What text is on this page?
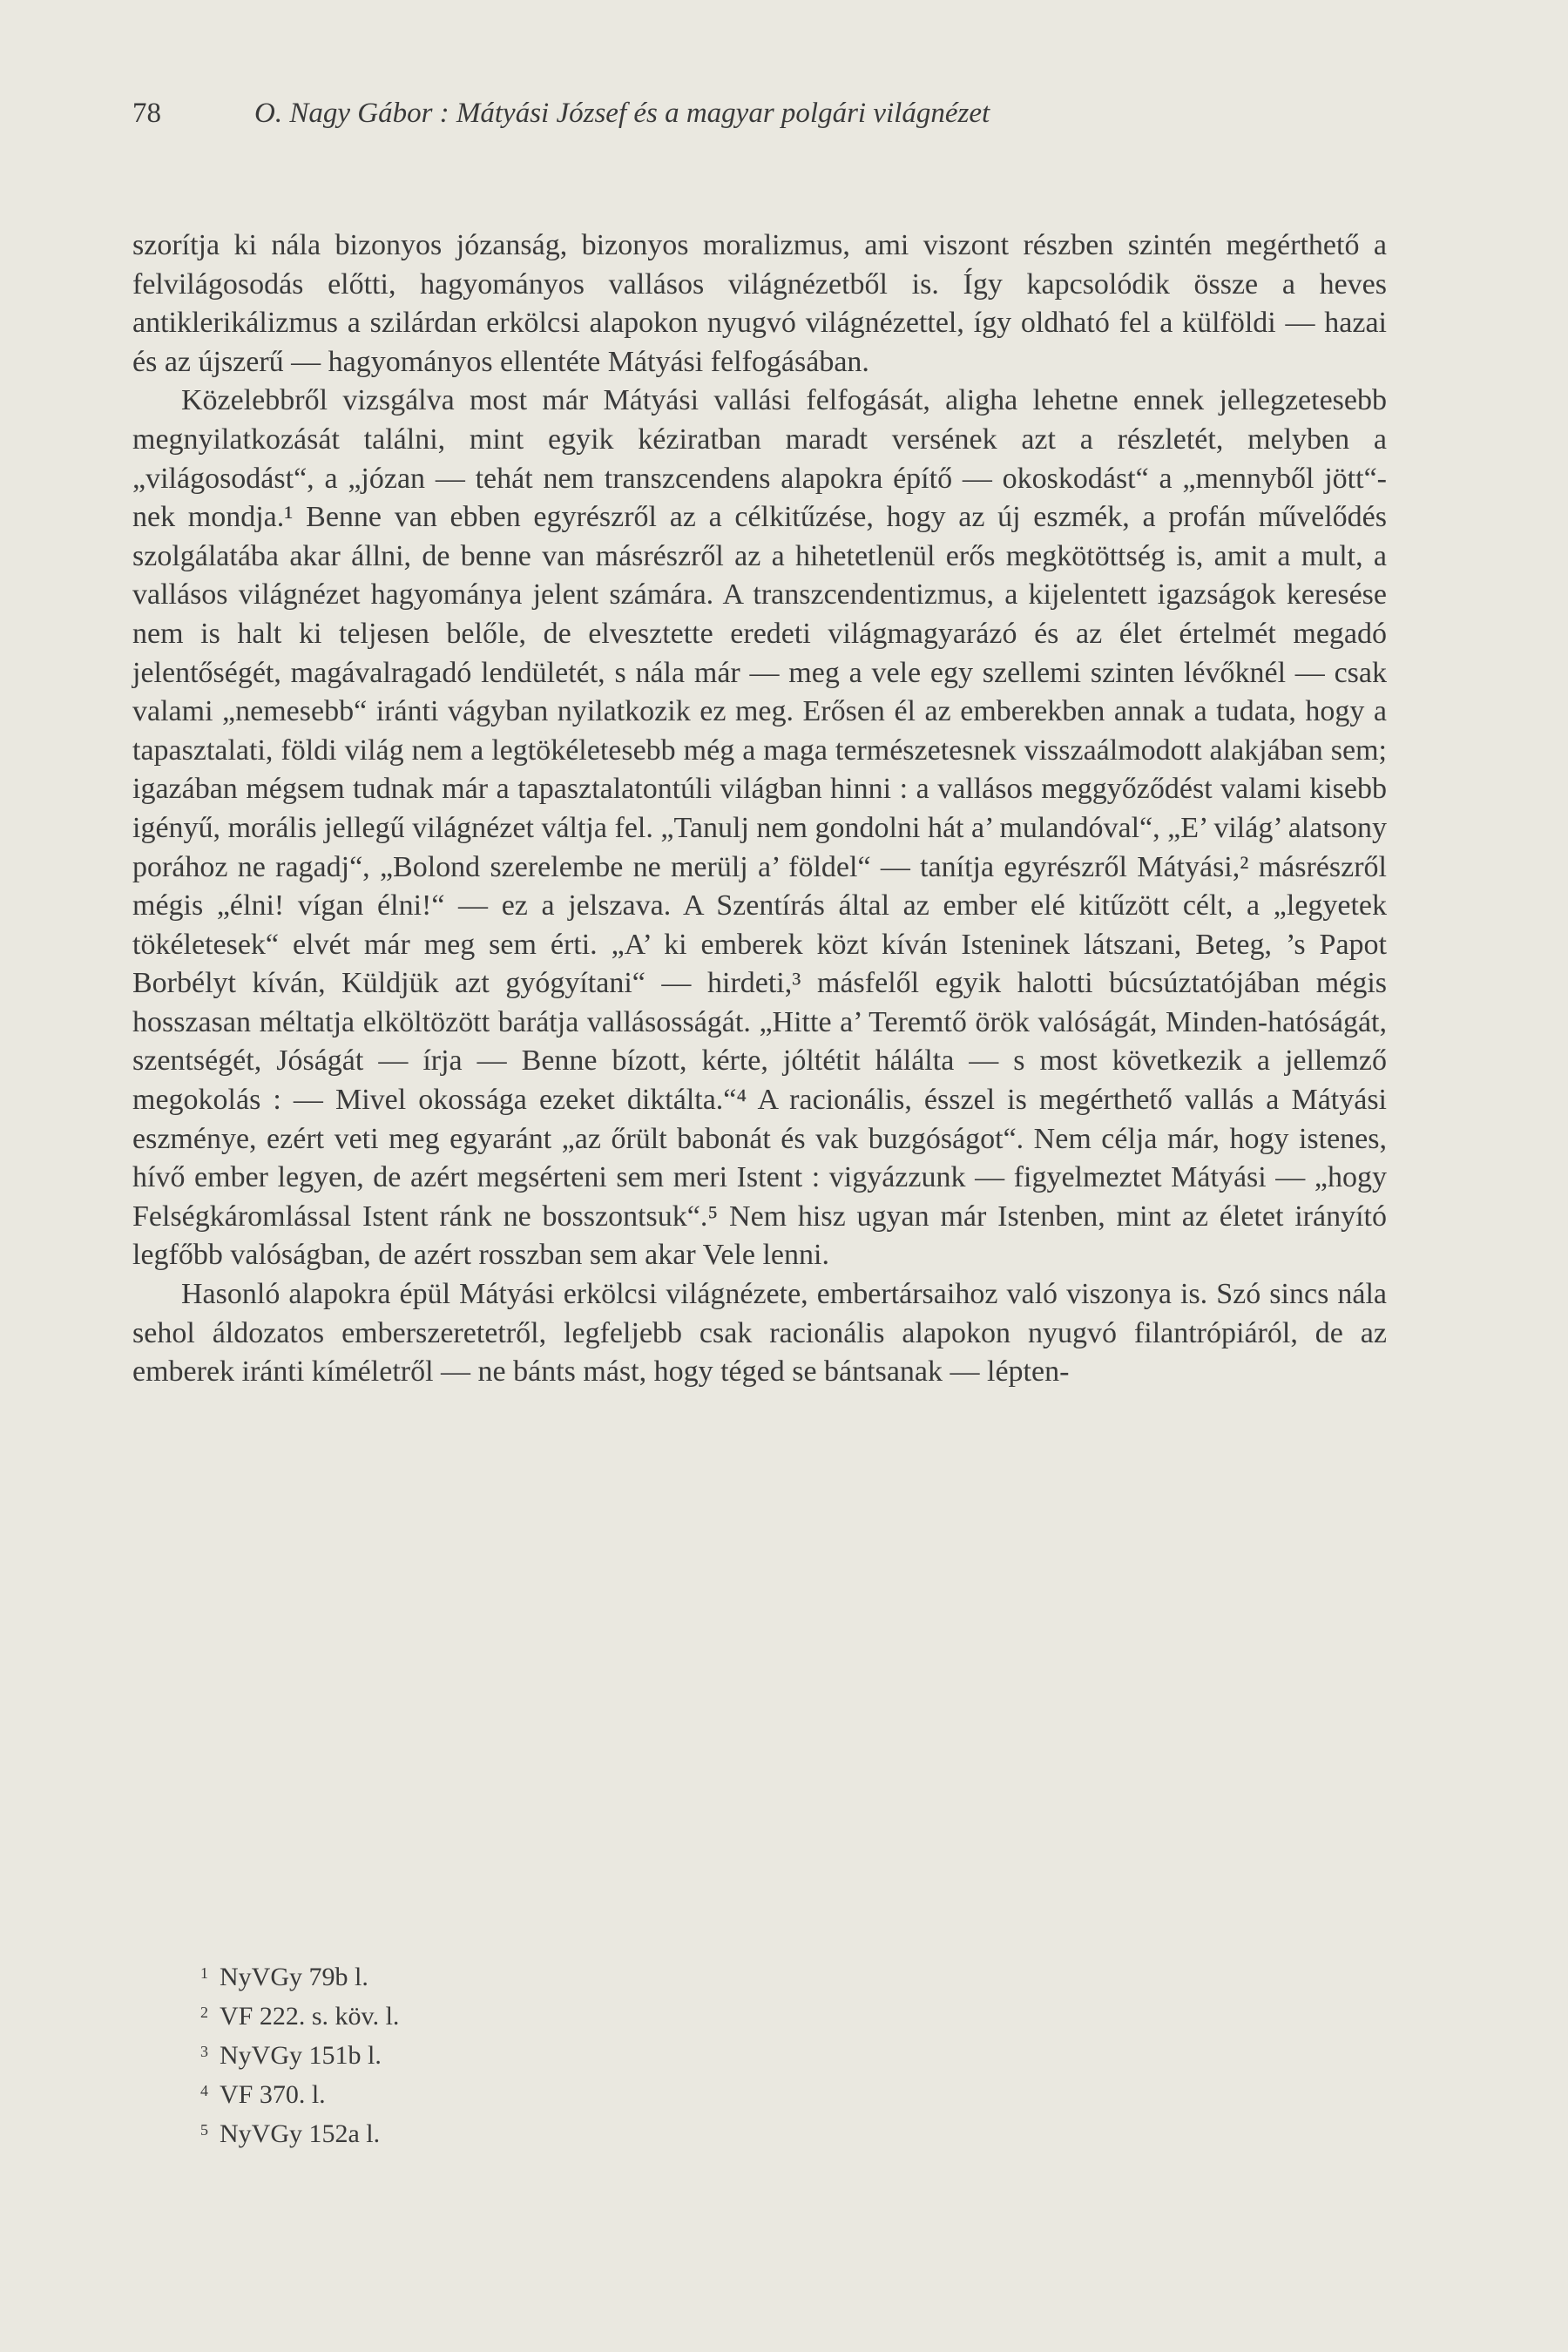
78	O. Nagy Gábor : Mátyási József és a magyar polgári világnézet

szorítja ki nála bizonyos józanság, bizonyos moralizmus, ami viszont részben szintén megérthető a felvilágosodás előtti, hagyományos vallásos világnézetből is. Így kapcsolódik össze a heves antiklerikálizmus a szilárdan erkölcsi alapokon nyugvó világnézettel, így oldható fel a külföldi — hazai és az újszerű — hagyományos ellentéte Mátyási felfogásában.

Közelebbről vizsgálva most már Mátyási vallási felfogását, aligha lehetne ennek jellegzetesebb megnyilatkozását találni, mint egyik kéziratban maradt versének azt a részletét, melyben a „világosodást“, a „józan — tehát nem transzcendens alapokra építő — okoskodást“ a „mennyből jött“-nek mondja.¹ Benne van ebben egyrészről az a célkitűzése, hogy az új eszmék, a profán művelődés szolgálatába akar állni, de benne van másrészről az a hihetetlenül erős megkötöttség is, amit a mult, a vallásos világnézet hagyománya jelent számára. A transzcendentizmus, a kijelentett igazságok keresése nem is halt ki teljesen belőle, de elvesztette eredeti világmagyarázó és az élet értelmét megadó jelentőségét, magávalragadó lendületét, s nála már — meg a vele egy szellemi szinten lévőknél — csak valami „nemesebb“ iránti vágyban nyilatkozik ez meg. Erősen él az emberekben annak a tudata, hogy a tapasztalati, földi világ nem a legtökéletesebb még a maga természetesnek visszaálmodott alakjában sem; igazában mégsem tudnak már a tapasztalatontúli világban hinni : a vallásos meggyőződést valami kisebb igényű, morális jellegű világnézet váltja fel. „Tanulj nem gondolni hát a’ mulandóval“, „E’ világ’ alatsony porához ne ragadj“, „Bolond szerelembe ne merülj a’ földel“ — tanítja egyrészről Mátyási,² másrészről mégis „élni! vígan élni!“ — ez a jelszava. A Szentírás által az ember elé kitűzött célt, a „legyetek tökéletesek“ elvét már meg sem érti. „A’ ki emberek közt kíván Isteninek látszani, Beteg, ’s Papot Borbélyt kíván, Küldjük azt gyógyítani“ — hirdeti,³ másfelől egyik halotti búcsúztatójában mégis hosszasan méltatja elköltözött barátja vallásosságát. „Hitte a’ Teremtő örök valóságát, Minden-hatóságát, szentségét, Jóságát — írja — Benne bízott, kérte, jóltétit hálálta — s most következik a jellemző megokolás : — Mivel okossága ezeket diktálta.“⁴ A racionális, ésszel is megérthető vallás a Mátyási eszménye, ezért veti meg egyaránt „az őrült babonát és vak buzgóságot“. Nem célja már, hogy istenes, hívő ember legyen, de azért megsérteni sem meri Istent : vigyázzunk — figyelmeztet Mátyási — „hogy Felségkáromlással Istent ránk ne bosszontsuk“.⁵ Nem hisz ugyan már Istenben, mint az életet irányító legfőbb valóságban, de azért rosszban sem akar Vele lenni.

Hasonló alapokra épül Mátyási erkölcsi világnézete, embertársaihoz való viszonya is. Szó sincs nála sehol áldozatos emberszeretetről, legfeljebb csak racionális alapokon nyugvó filantrópiáról, de az emberek iránti kíméletről — ne bánts mást, hogy téged se bántsanak — lépten-

$^1$ NyVGy 79b l.
$^2$ VF 222. s. köv. l.
$^3$ NyVGy 151b l.
$^4$ VF 370. l.
$^5$ NyVGy 152a l.
